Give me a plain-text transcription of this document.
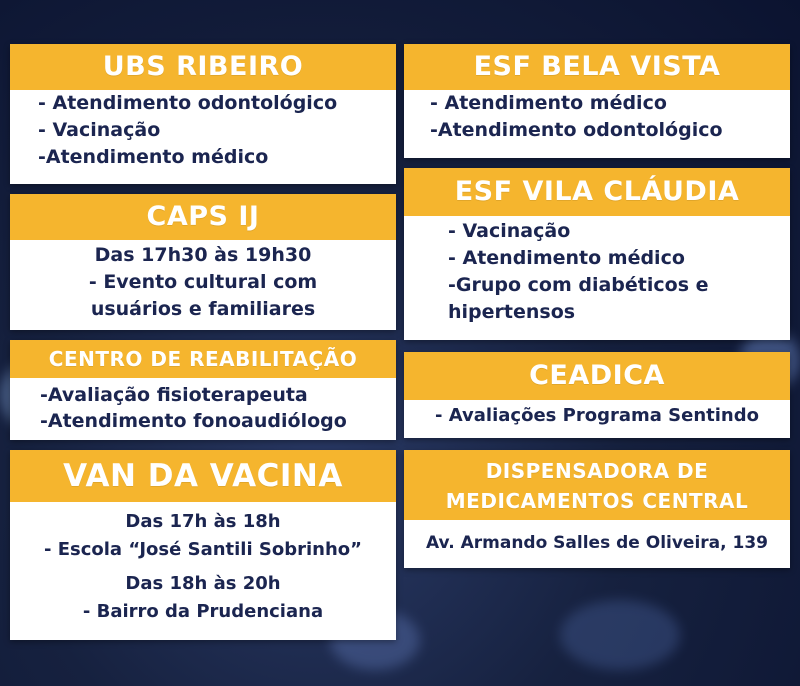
UBS RIBEIRO
- Atendimento odontológico
- Vacinação
-Atendimento médico
ESF BELA VISTA
- Atendimento médico
-Atendimento odontológico
CAPS IJ
Das 17h30 às 19h30
- Evento cultural com
usuários e familiares
ESF VILA CLÁUDIA
- Vacinação
- Atendimento médico
-Grupo com diabéticos e
hipertensos
CENTRO DE REABILITAÇÃO
-Avaliação fisioterapeuta
-Atendimento fonoaudiólogo
CEADICA
- Avaliações Programa Sentindo
VAN DA VACINA
Das 17h às 18h
- Escola “José Santili Sobrinho”
Das 18h às 20h
- Bairro da Prudenciana
DISPENSADORA DE
MEDICAMENTOS CENTRAL
Av. Armando Salles de Oliveira, 139
